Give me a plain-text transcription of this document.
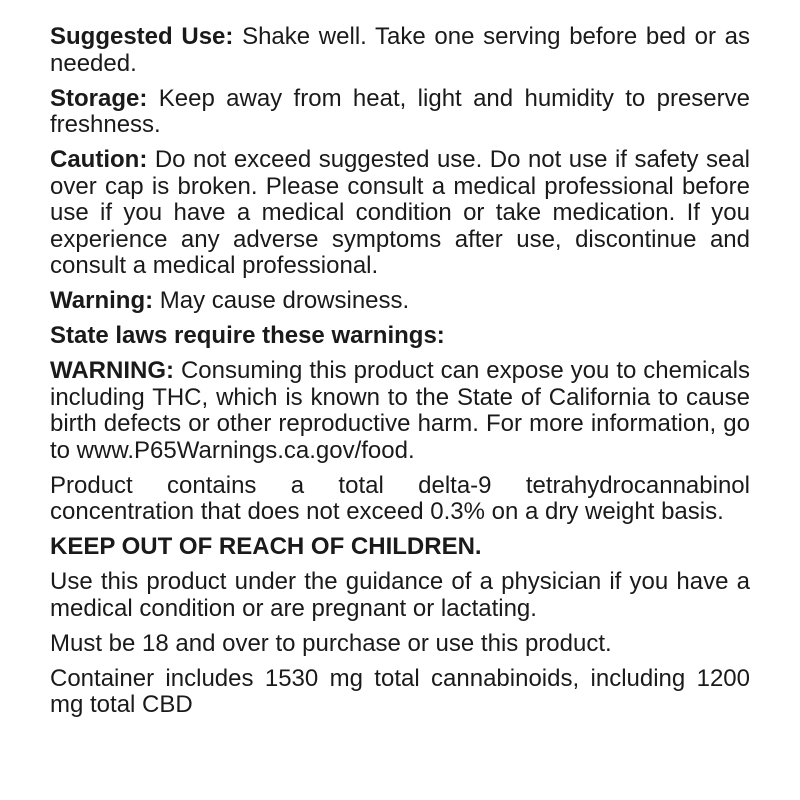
Suggested Use: Shake well. Take one serving before bed or as needed.

Storage: Keep away from heat, light and humidity to preserve freshness.

Caution: Do not exceed suggested use. Do not use if safety seal over cap is broken. Please consult a medical professional before use if you have a medical condition or take medication. If you experience any adverse symptoms after use, discontinue and consult a medical professional.

Warning: May cause drowsiness.

State laws require these warnings:

WARNING: Consuming this product can expose you to chemicals including THC, which is known to the State of California to cause birth defects or other reproductive harm. For more information, go to www.P65Warnings.ca.gov/food.

Product contains a total delta-9 tetrahydrocannabinol concentration that does not exceed 0.3% on a dry weight basis.

KEEP OUT OF REACH OF CHILDREN.

Use this product under the guidance of a physician if you have a medical condition or are pregnant or lactating.

Must be 18 and over to purchase or use this product.

Container includes 1530 mg total cannabinoids, including 1200 mg total CBD
